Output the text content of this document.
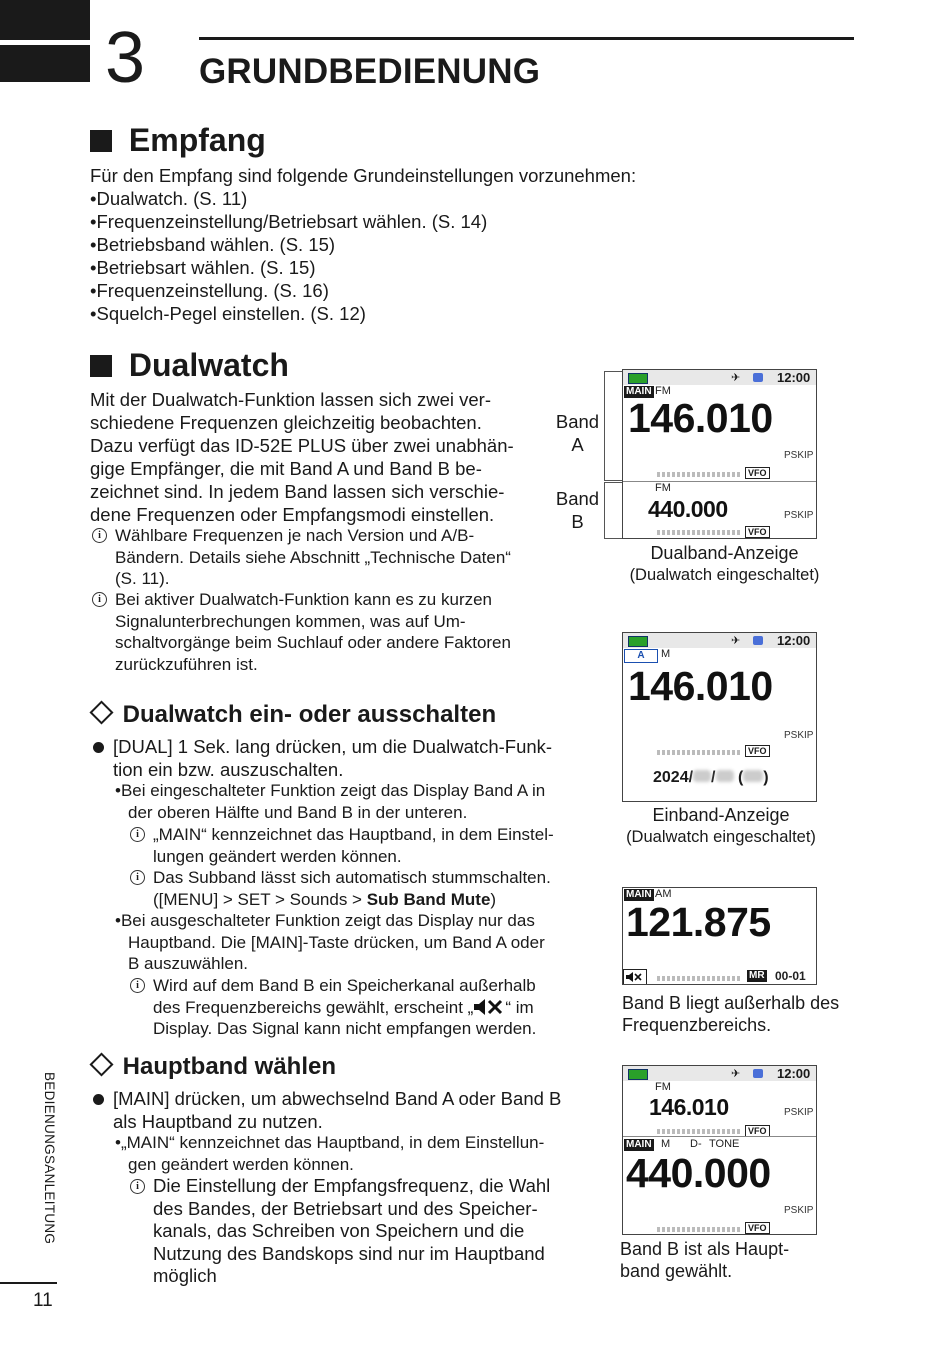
3 GRUNDBEDIENUNG
BEDIENUNGSANLEITUNG
11
Empfang
Für den Empfang sind folgende Grundeinstellungen vorzunehmen:
•Dualwatch. (S. 11)
•Frequenzeinstellung/Betriebsart wählen. (S. 14)
•Betriebsband wählen. (S. 15)
•Betriebsart wählen. (S. 15)
•Frequenzeinstellung. (S. 16)
•Squelch-Pegel einstellen. (S. 12)
Dualwatch
Mit der Dualwatch-Funktion lassen sich zwei ver-
schiedene Frequenzen gleichzeitig beobachten.
Dazu verfügt das ID-52E PLUS über zwei unabhän-
gige Empfänger, die mit Band A und Band B be-
zeichnet sind. In jedem Band lassen sich verschie-
dene Frequenzen oder Empfangsmodi einstellen.
i Wählbare Frequenzen je nach Version und A/B-
Bändern. Details siehe Abschnitt „Technische Daten“
(S. 11).
i Bei aktiver Dualwatch-Funktion kann es zu kurzen
Signalunterbrechungen kommen, was auf Um-
schaltvorgänge beim Suchlauf oder andere Faktoren
zurückzuführen ist.
Dualwatch ein- oder ausschalten
[DUAL] 1 Sek. lang drücken, um die Dualwatch-Funk-
tion ein bzw. auszuschalten.
•Bei eingeschalteter Funktion zeigt das Display Band A in
der oberen Hälfte und Band B in der unteren.
i „MAIN“ kennzeichnet das Hauptband, in dem Einstel-
lungen geändert werden können.
i Das Subband lässt sich automatisch stummschalten.
([MENU] > SET > Sounds > Sub Band Mute)
•Bei ausgeschalteter Funktion zeigt das Display nur das
Hauptband. Die [MAIN]-Taste drücken, um Band A oder
B auszuwählen.
i Wird auf dem Band B ein Speicherkanal außerhalb
des Frequenzbereichs gewählt, erscheint „ “ im
Display. Das Signal kann nicht empfangen werden.
Hauptband wählen
[MAIN] drücken, um abwechselnd Band A oder Band B
als Hauptband zu nutzen.
•„MAIN“ kennzeichnet das Hauptband, in dem Einstellun-
gen geändert werden können.
i Die Einstellung der Empfangsfrequenz, die Wahl
des Bandes, der Betriebsart und des Speicher-
kanals, das Schreiben von Speichern und die
Nutzung des Bandskops sind nur im Hauptband
möglich
Band
A
Band
B
✈	12:00
MAIN FM
146.010
PSKIP
VFO
FM
440.000	PSKIP
VFO
Dualband-Anzeige
(Dualwatch eingeschaltet)
✈	12:00
A	M
146.010
PSKIP
VFO
2024/ / ( )
Einband-Anzeige
(Dualwatch eingeschaltet)
MAIN AM
121.875
MR 00-01
Band B liegt außerhalb des
Frequenzbereichs.
✈	12:00
FM
146.010	PSKIP
VFO
MAIN M D- TONE
440.000
PSKIP
VFO
Band B ist als Haupt-
band gewählt.
